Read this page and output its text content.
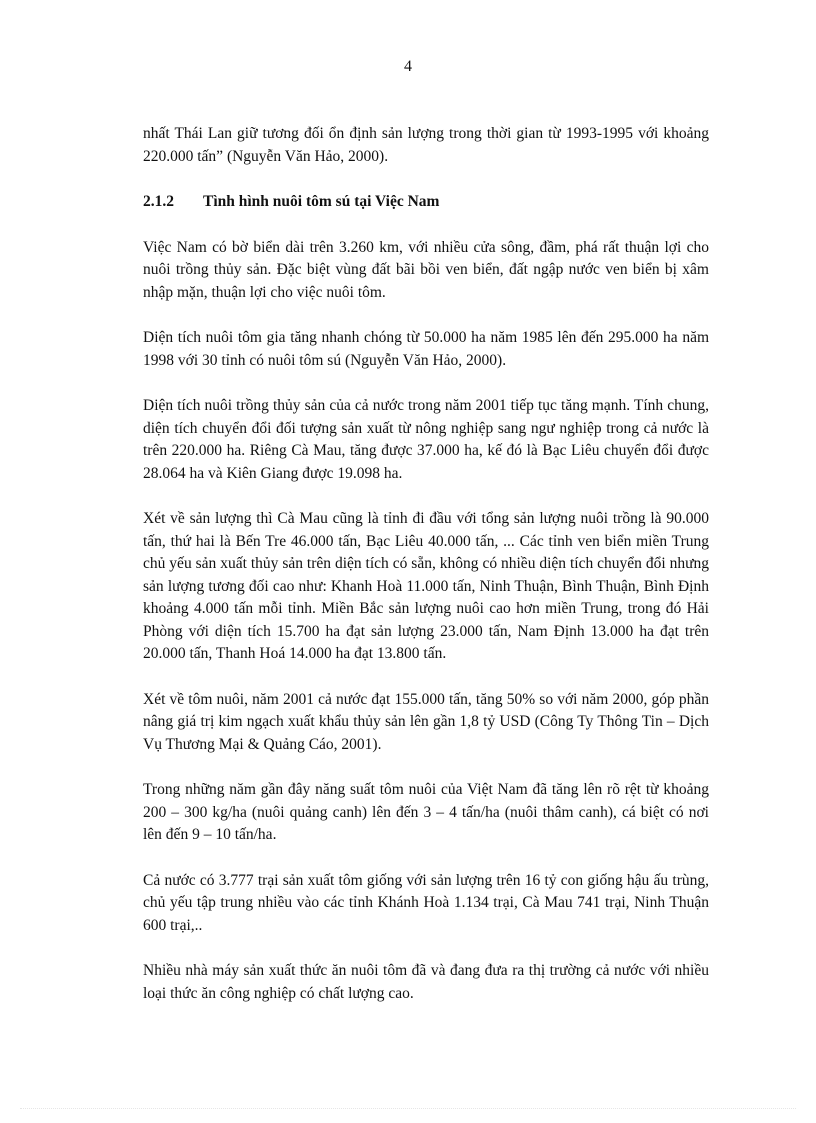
4

nhất Thái Lan giữ tương đối ổn định sản lượng trong thời gian từ 1993-1995 với khoảng 220.000 tấn” (Nguyễn Văn Hảo, 2000).

2.1.2	Tình hình nuôi tôm sú tại Việc Nam

Việc Nam có bờ biển dài trên 3.260 km, với nhiều cửa sông, đầm, phá rất thuận lợi cho nuôi trồng thủy sản. Đặc biệt vùng đất bãi bồi ven biển, đất ngập nước ven biển bị xâm nhập mặn, thuận lợi cho việc nuôi tôm.

Diện tích nuôi tôm gia tăng nhanh chóng từ 50.000 ha năm 1985 lên đến 295.000 ha năm 1998 với 30 tỉnh có nuôi tôm sú (Nguyễn Văn Hảo, 2000).

Diện tích nuôi trồng thủy sản của cả nước trong năm 2001 tiếp tục tăng mạnh. Tính chung, diện tích chuyển đổi đối tượng sản xuất từ nông nghiệp sang ngư nghiệp trong cả nước là trên 220.000 ha. Riêng Cà Mau, tăng được 37.000 ha, kế đó là Bạc Liêu chuyển đổi được 28.064 ha và Kiên Giang được 19.098 ha.

Xét về sản lượng thì Cà Mau cũng là tỉnh đi đầu với tổng sản lượng nuôi trồng là 90.000 tấn, thứ hai là Bến Tre 46.000 tấn, Bạc Liêu 40.000 tấn, ... Các tỉnh ven biển miền Trung chủ yếu sản xuất thủy sản trên diện tích có sẵn, không có nhiều diện tích chuyển đổi nhưng sản lượng tương đối cao như: Khanh Hoà 11.000 tấn, Ninh Thuận, Bình Thuận, Bình Định khoảng 4.000 tấn mỗi tỉnh. Miền Bắc sản lượng nuôi cao hơn miền Trung, trong đó Hải Phòng với diện tích 15.700 ha đạt sản lượng 23.000 tấn, Nam Định 13.000 ha đạt trên 20.000 tấn, Thanh Hoá 14.000 ha đạt 13.800 tấn.

Xét về tôm nuôi, năm 2001 cả nước đạt 155.000 tấn, tăng 50% so với năm 2000, góp phần nâng giá trị kim ngạch xuất khẩu thủy sản lên gần 1,8 tỷ USD (Công Ty Thông Tin – Dịch Vụ Thương Mại & Quảng Cáo, 2001).

Trong những năm gần đây năng suất tôm nuôi của Việt Nam đã tăng lên rõ rệt từ khoảng 200 – 300 kg/ha (nuôi quảng canh) lên đến 3 – 4 tấn/ha (nuôi thâm canh), cá biệt có nơi lên đến 9 – 10 tấn/ha.

Cả nước có 3.777 trại sản xuất tôm giống với sản lượng trên 16 tỷ con giống hậu ấu trùng, chủ yếu tập trung nhiều vào các tỉnh Khánh Hoà 1.134 trại, Cà Mau 741 trại, Ninh Thuận 600 trại,..

Nhiều nhà máy sản xuất thức ăn nuôi tôm đã và đang đưa ra thị trường cả nước với nhiều loại thức ăn công nghiệp có chất lượng cao.
